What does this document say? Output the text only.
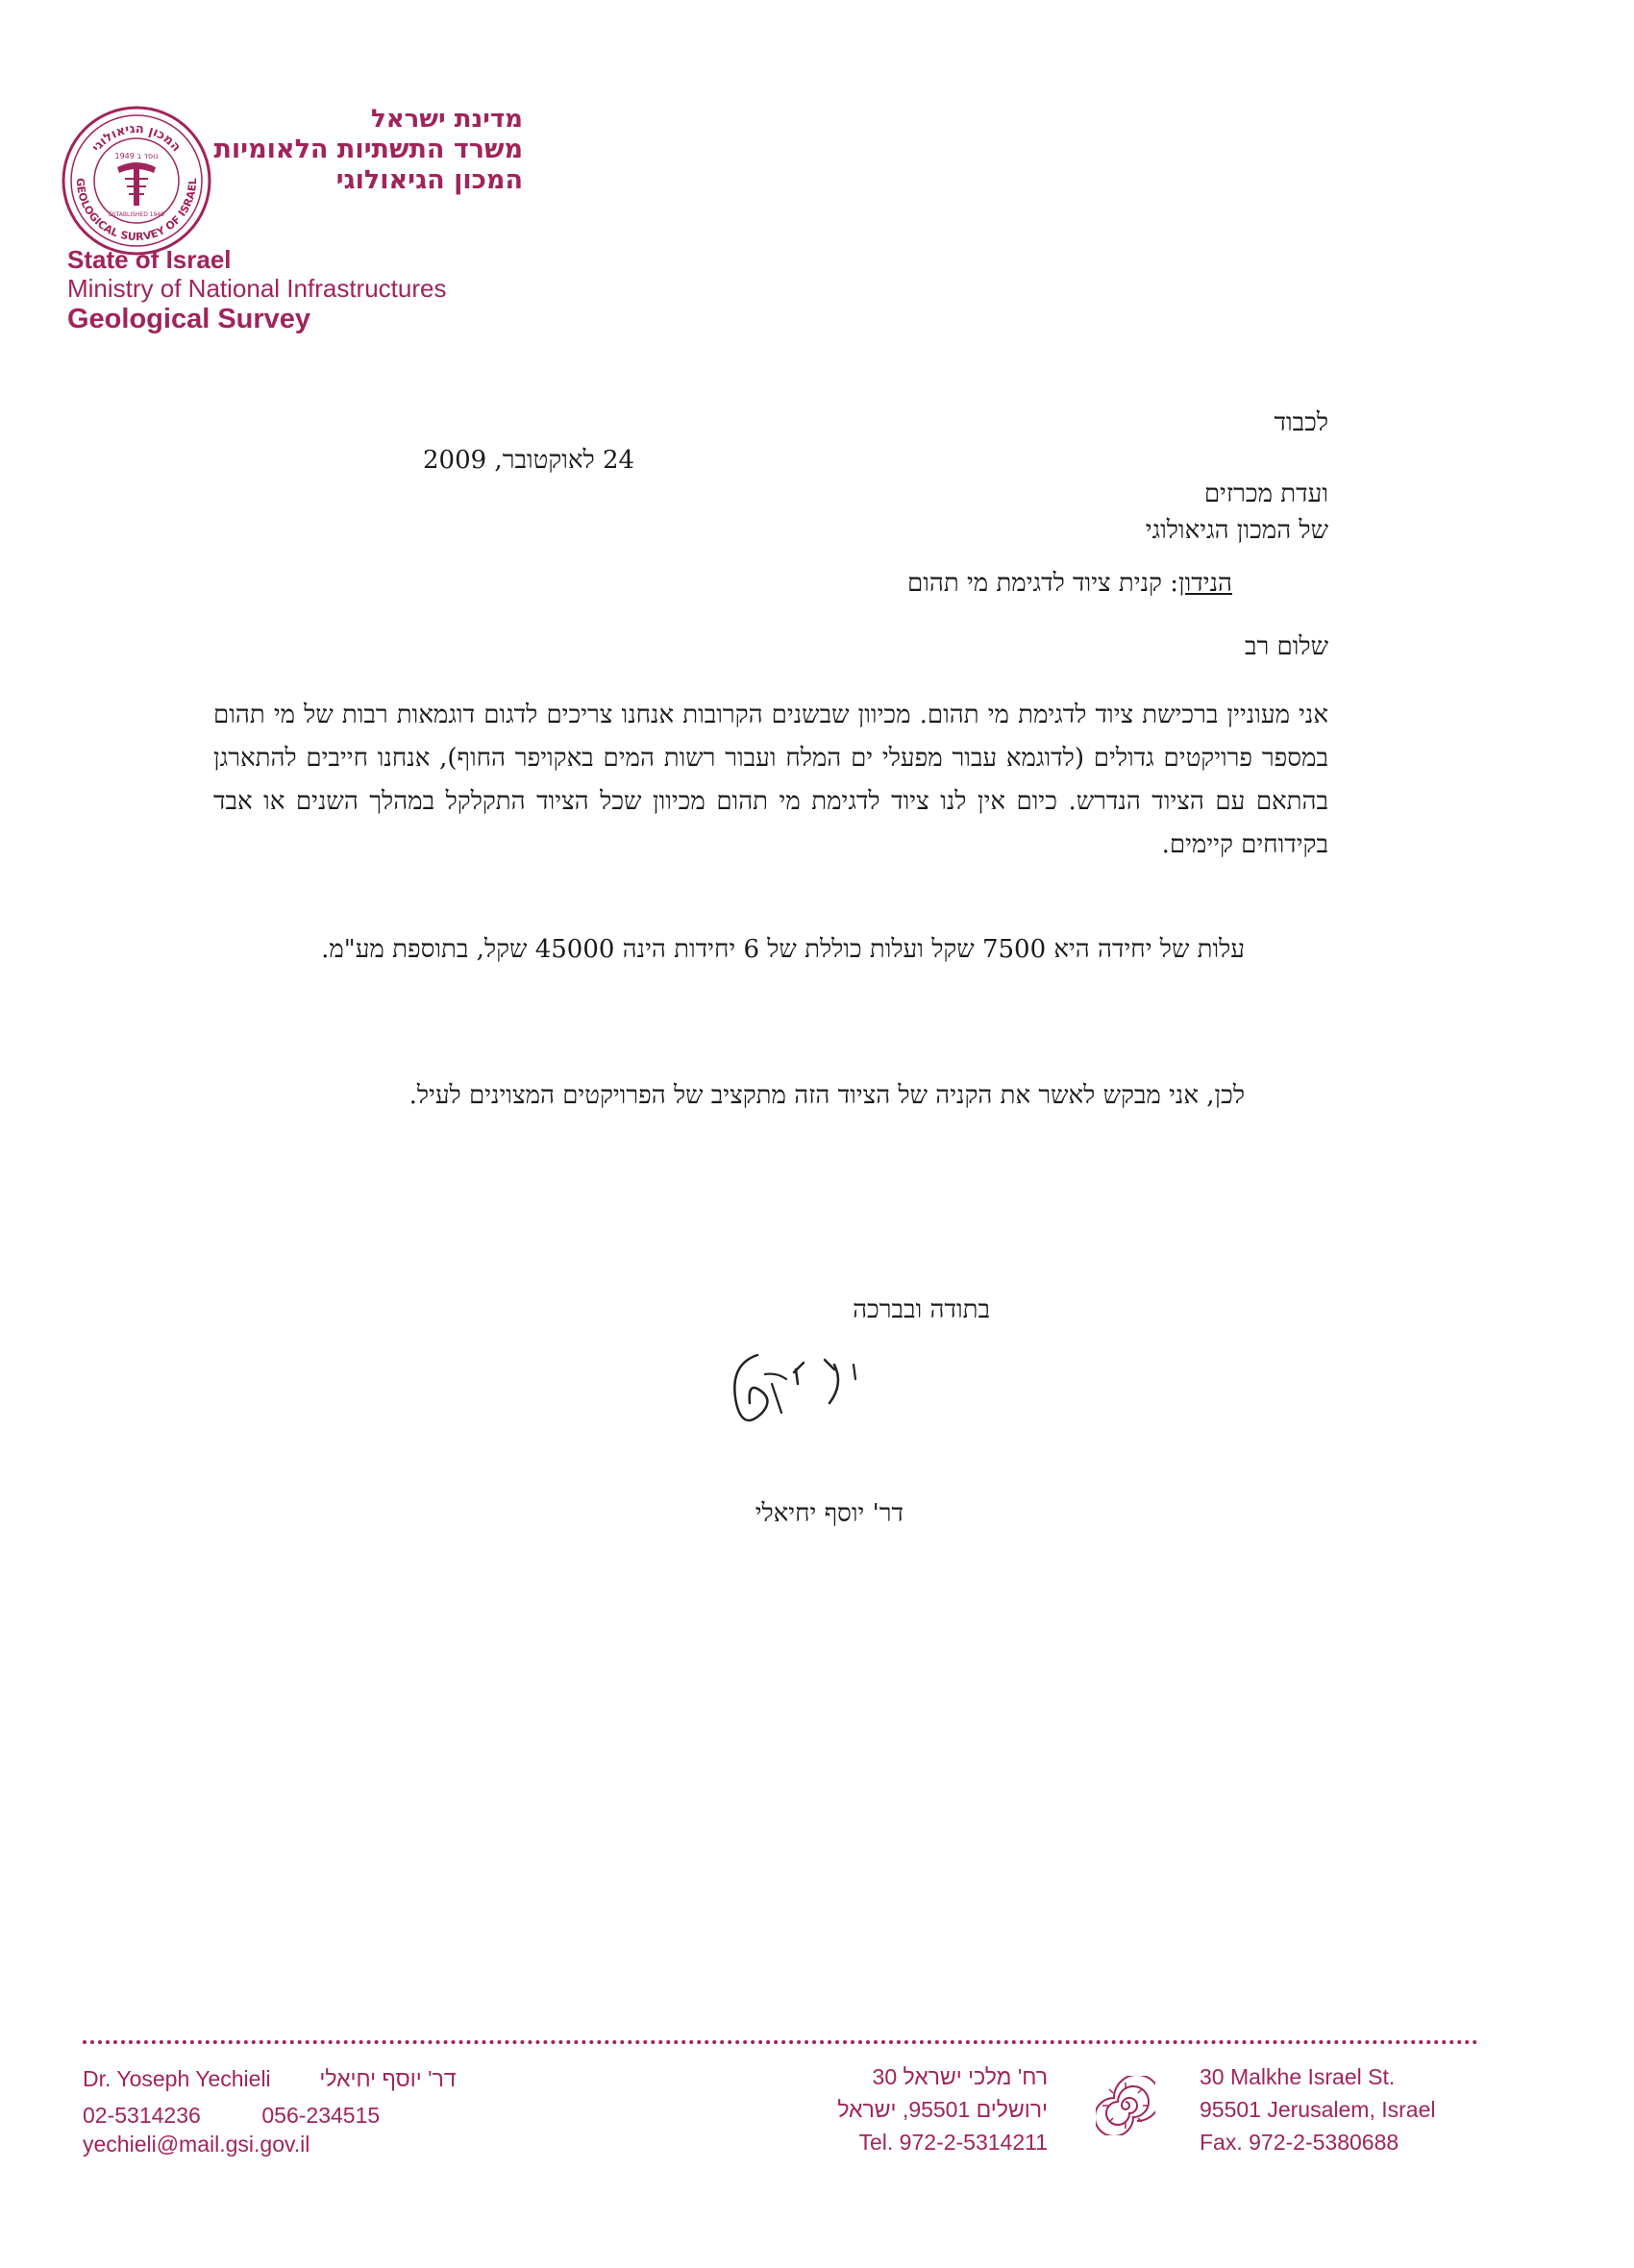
המכון הגיאולוגי
GEOLOGICAL SURVEY OF ISRAEL
נוסד ב 1949
ESTABLISHED 1949
מדינת ישראל
משרד התשתיות הלאומיות
המכון הגיאולוגי
State of Israel
Ministry of National Infrastructures
Geological Survey
לכבוד
24 לאוקטובר, 2009
ועדת מכרזים
של המכון הגיאולוגי
הנידון: קנית ציוד לדגימת מי תהום
שלום רב
אני מעוניין ברכישת ציוד לדגימת מי תהום. מכיוון שבשנים הקרובות אנחנו צריכים לדגום דוגמאות רבות של מי תהום במספר פרויקטים גדולים (לדוגמא עבור מפעלי ים המלח ועבור רשות המים באקויפר החוף), אנחנו חייבים להתארגן בהתאם עם הציוד הנדרש. כיום אין לנו ציוד לדגימת מי תהום מכיוון שכל הציוד התקלקל במהלך השנים או אבד בקידוחים קיימים.
עלות של יחידה היא 7500 שקל ועלות כוללת של 6 יחידות הינה 45000 שקל, בתוספת מע"מ.
לכן, אני מבקש לאשר את הקניה של הציוד הזה מתקציב של הפרויקטים המצוינים לעיל.
בתודה ובברכה
דר' יוסף יחיאלי
Dr. Yoseph Yechieli דר' יוסף יחיאלי
02-5314236	056-234515
yechieli@mail.gsi.gov.il
רח' מלכי ישראל 30
ירושלים 95501, ישראל
Tel. 972-2-5314211
30 Malkhe Israel St.
95501 Jerusalem, Israel
Fax. 972-2-5380688
